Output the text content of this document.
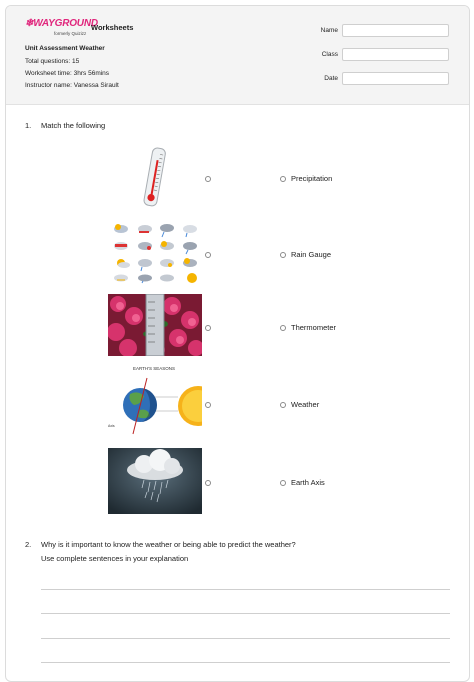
❄WAYGROUND
formerly Quizizz
Worksheets
Unit Assessment Weather
Total questions: 15
Worksheet time: 3hrs 56mins
Instructor name: Vanessa Sirault
Name
Class
Date
1. Match the following
Precipitation
Rain Gauge
Thermometer
EARTH'S SEASONS
Axis
Weather
Earth Axis
2. Why is it important to know the weather or being able to predict the weather?
Use complete sentences in your explanation
